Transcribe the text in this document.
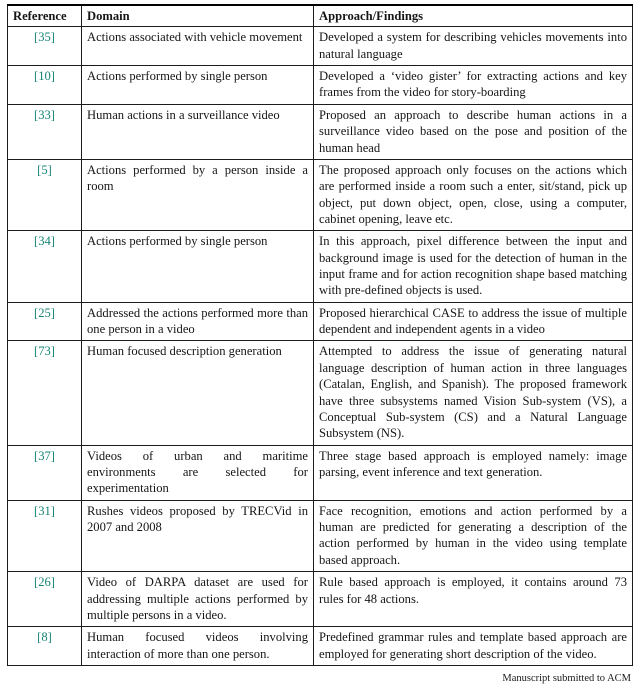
Reference	Domain	Approach/Findings
[35]	Actions associated with vehicle movement	Developed a system for describing vehicles movements into natural language
[10]	Actions performed by single person	Developed a ‘video gister’ for extracting actions and key frames from the video for story-boarding
[33]	Human actions in a surveillance video	Proposed an approach to describe human actions in a surveillance video based on the pose and position of the human head
[5]	Actions performed by a person inside a room	The proposed approach only focuses on the actions which are performed inside a room such a enter, sit/stand, pick up object, put down object, open, close, using a computer, cabinet opening, leave etc.
[34]	Actions performed by single person	In this approach, pixel difference between the input and background image is used for the detection of human in the input frame and for action recognition shape based matching with pre-defined objects is used.
[25]	Addressed the actions performed more than one person in a video	Proposed hierarchical CASE to address the issue of multiple dependent and independent agents in a video
[73]	Human focused description generation	Attempted to address the issue of generating natural language description of human action in three languages (Catalan, English, and Spanish). The proposed framework have three subsystems named Vision Sub-system (VS), a Conceptual Sub-system (CS) and a Natural Language Subsystem (NS).
[37]	Videos of urban and maritime environments are selected for experimentation	Three stage based approach is employed namely: image parsing, event inference and text generation.
[31]	Rushes videos proposed by TRECVid in 2007 and 2008	Face recognition, emotions and action performed by a human are predicted for generating a description of the action performed by human in the video using template based approach.
[26]	Video of DARPA dataset are used for addressing multiple actions performed by multiple persons in a video.	Rule based approach is employed, it contains around 73 rules for 48 actions.
[8]	Human focused videos involving interaction of more than one person.	Predefined grammar rules and template based approach are employed for generating short description of the video.
Manuscript submitted to ACM
